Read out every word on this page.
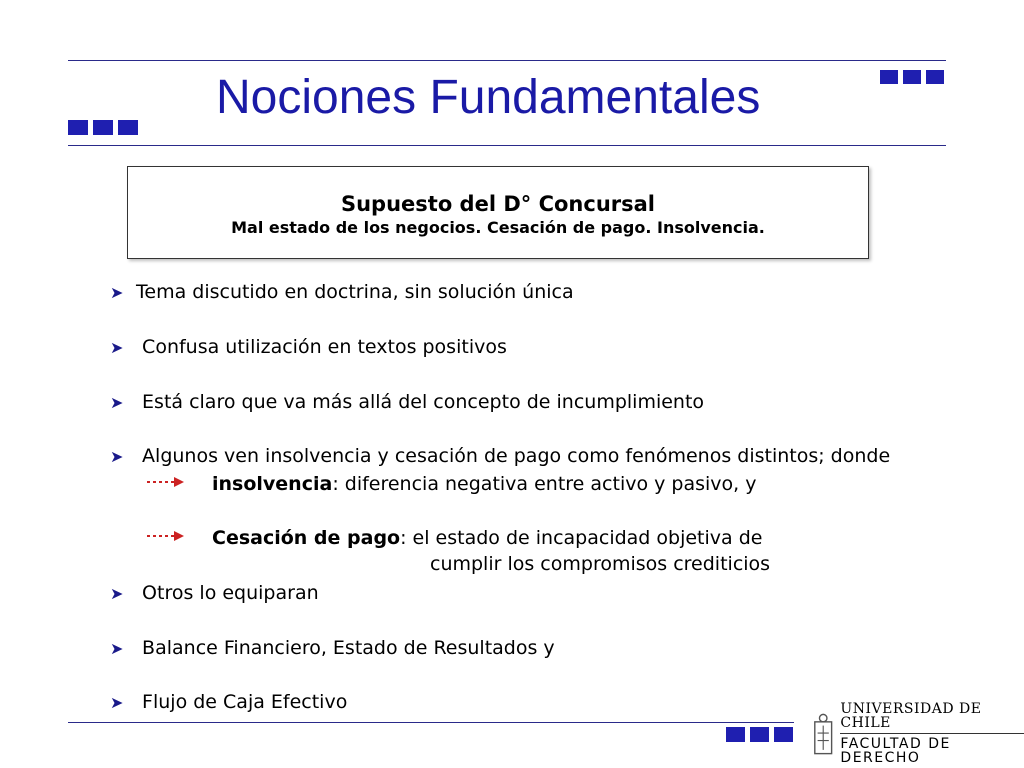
Nociones Fundamentales
Supuesto del D° Concursal
Mal estado de los negocios. Cesación de pago. Insolvencia.
➤ Tema discutido en doctrina, sin solución única
➤ Confusa utilización en textos positivos
➤ Está claro que va más allá del concepto de incumplimiento
➤ Algunos ven insolvencia y cesación de pago como fenómenos distintos; donde
➤ Otros lo equiparan
➤ Balance Financiero, Estado de Resultados y
➤ Flujo de Caja Efectivo
insolvencia: diferencia negativa entre activo y pasivo, y
Cesación de pago: el estado de incapacidad objetiva de
cumplir los compromisos crediticios
UNIVERSIDAD DE CHILE
FACULTAD DE DERECHO
